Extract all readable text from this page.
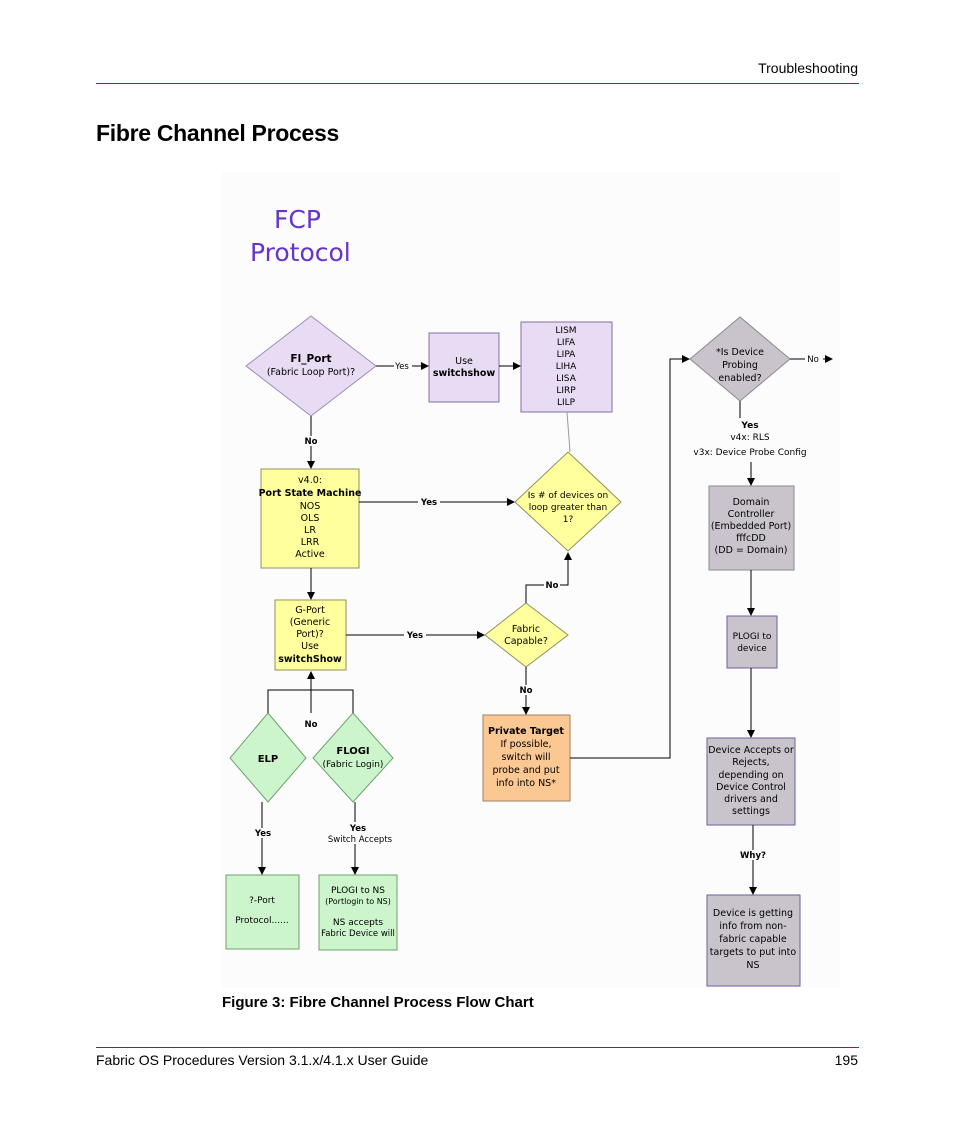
Troubleshooting
Fibre Channel Process
FCP
Protocol
Fl_Port
(Fabric Loop Port)?
Use
switchshow
LISM
LIFA
LIPA
LIHA
LISA
LIRP
LILP
v4.0:
Port State Machine
NOS
OLS
LR
LRR
Active
Is # of devices on
loop greater than
1?
G-Port
(Generic
Port)?
Use
switchShow
Fabric
Capable?
Private Target
If possible,
switch will
probe and put
info into NS*
ELP
FLOGI
(Fabric Login)
?-Port
Protocol......
PLOGI to NS
(Portlogin to NS)
NS accepts
Fabric Device will
*Is Device
Probing
enabled?
Domain
Controller
(Embedded Port)
fffcDD
(DD = Domain)
PLOGI to
device
Device Accepts or
Rejects,
depending on
Device Control
drivers and
settings
Device is getting
info from non-
fabric capable
targets to put into
NS
Yes
No
Yes
No
Yes
No
No
Yes	Yes
Switch Accepts
No
Yes
v4x: RLS
v3x: Device Probe Config
Why?
Figure 3: Fibre Channel Process Flow Chart
Fabric OS Procedures Version 3.1.x/4.1.x User Guide	195
